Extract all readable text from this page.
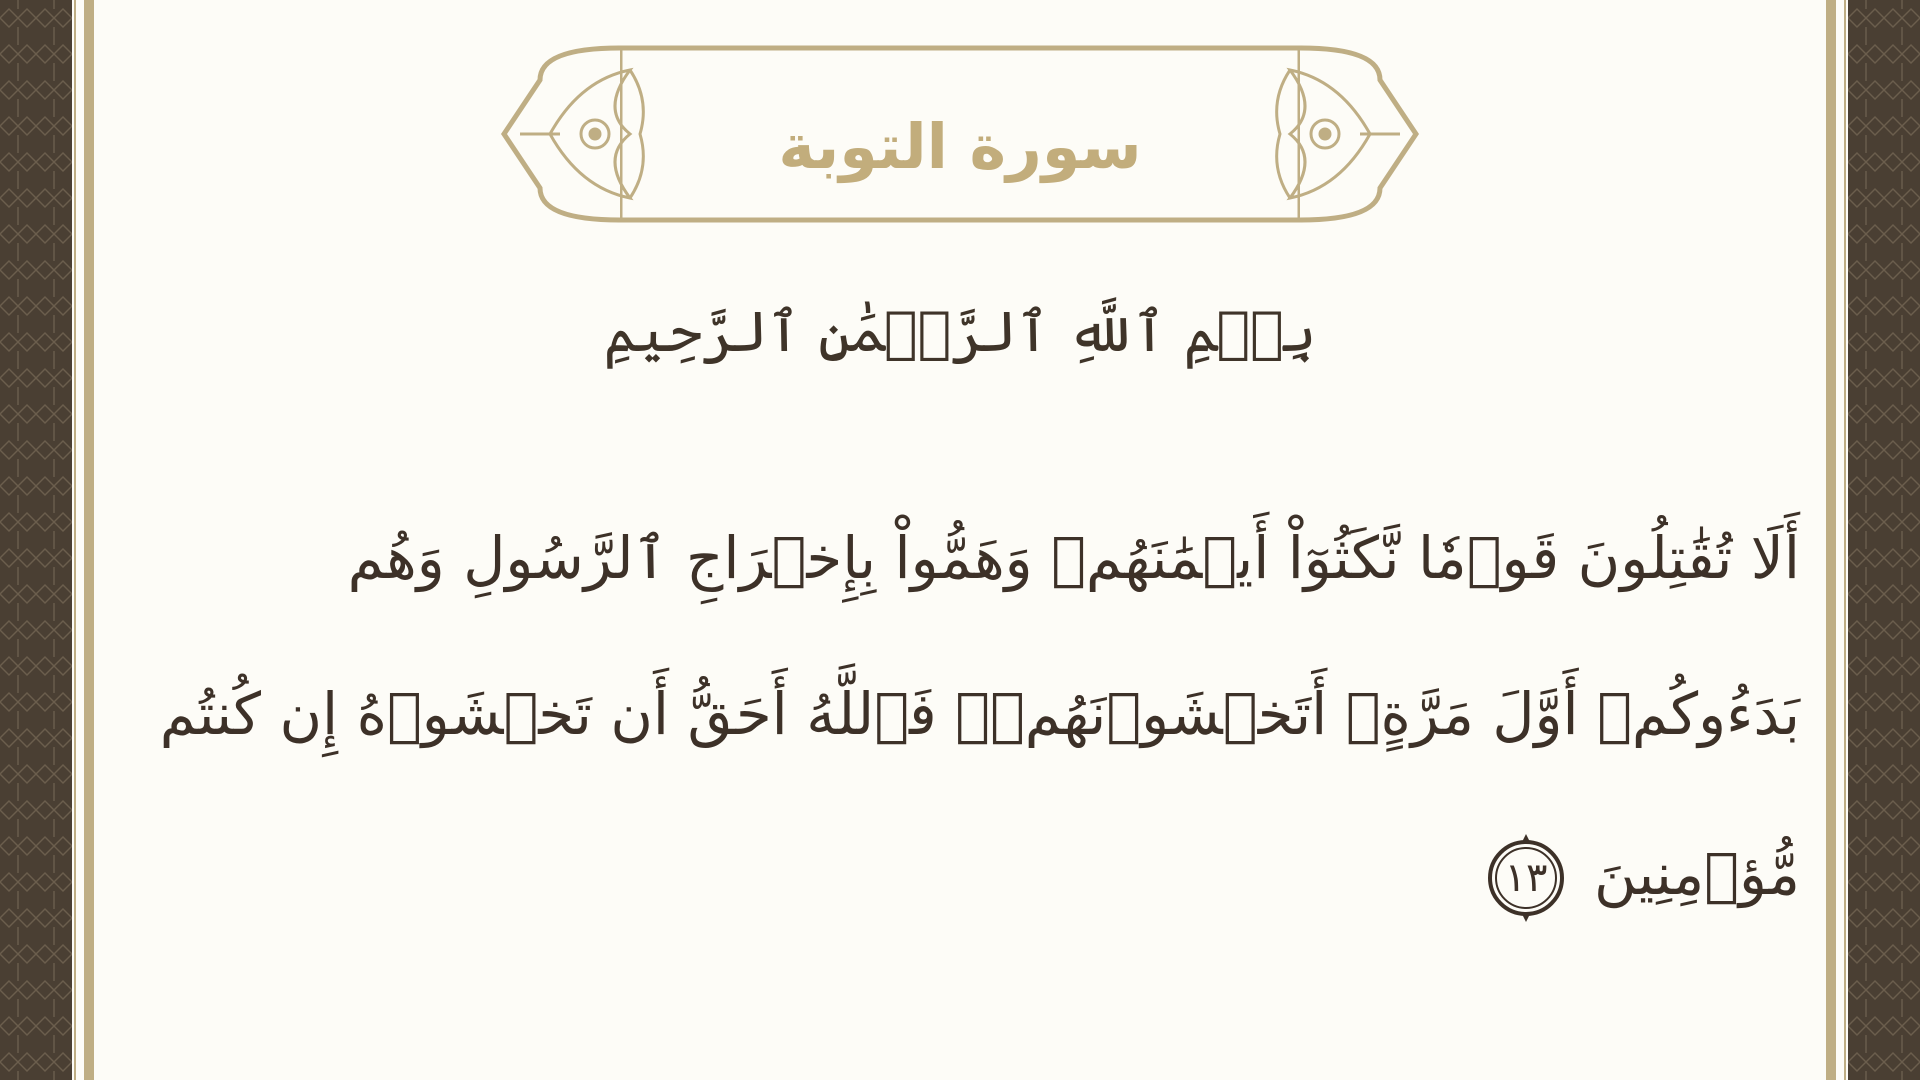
سورة التوبة
بِسۡمِ ٱللَّهِ ٱلرَّحۡمَٰنِ ٱلرَّحِيمِ
أَلَا تُقَٰتِلُونَ قَوۡمٗا نَّكَثُوٓاْ أَيۡمَٰنَهُمۡ وَهَمُّواْ بِإِخۡرَاجِ ٱلرَّسُولِ وَهُم
بَدَءُوكُمۡ أَوَّلَ مَرَّةٍۚ أَتَخۡشَوۡنَهُمۡۚ فَٱللَّهُ أَحَقُّ أَن تَخۡشَوۡهُ إِن كُنتُم
مُّؤۡمِنِينَ
١٣
